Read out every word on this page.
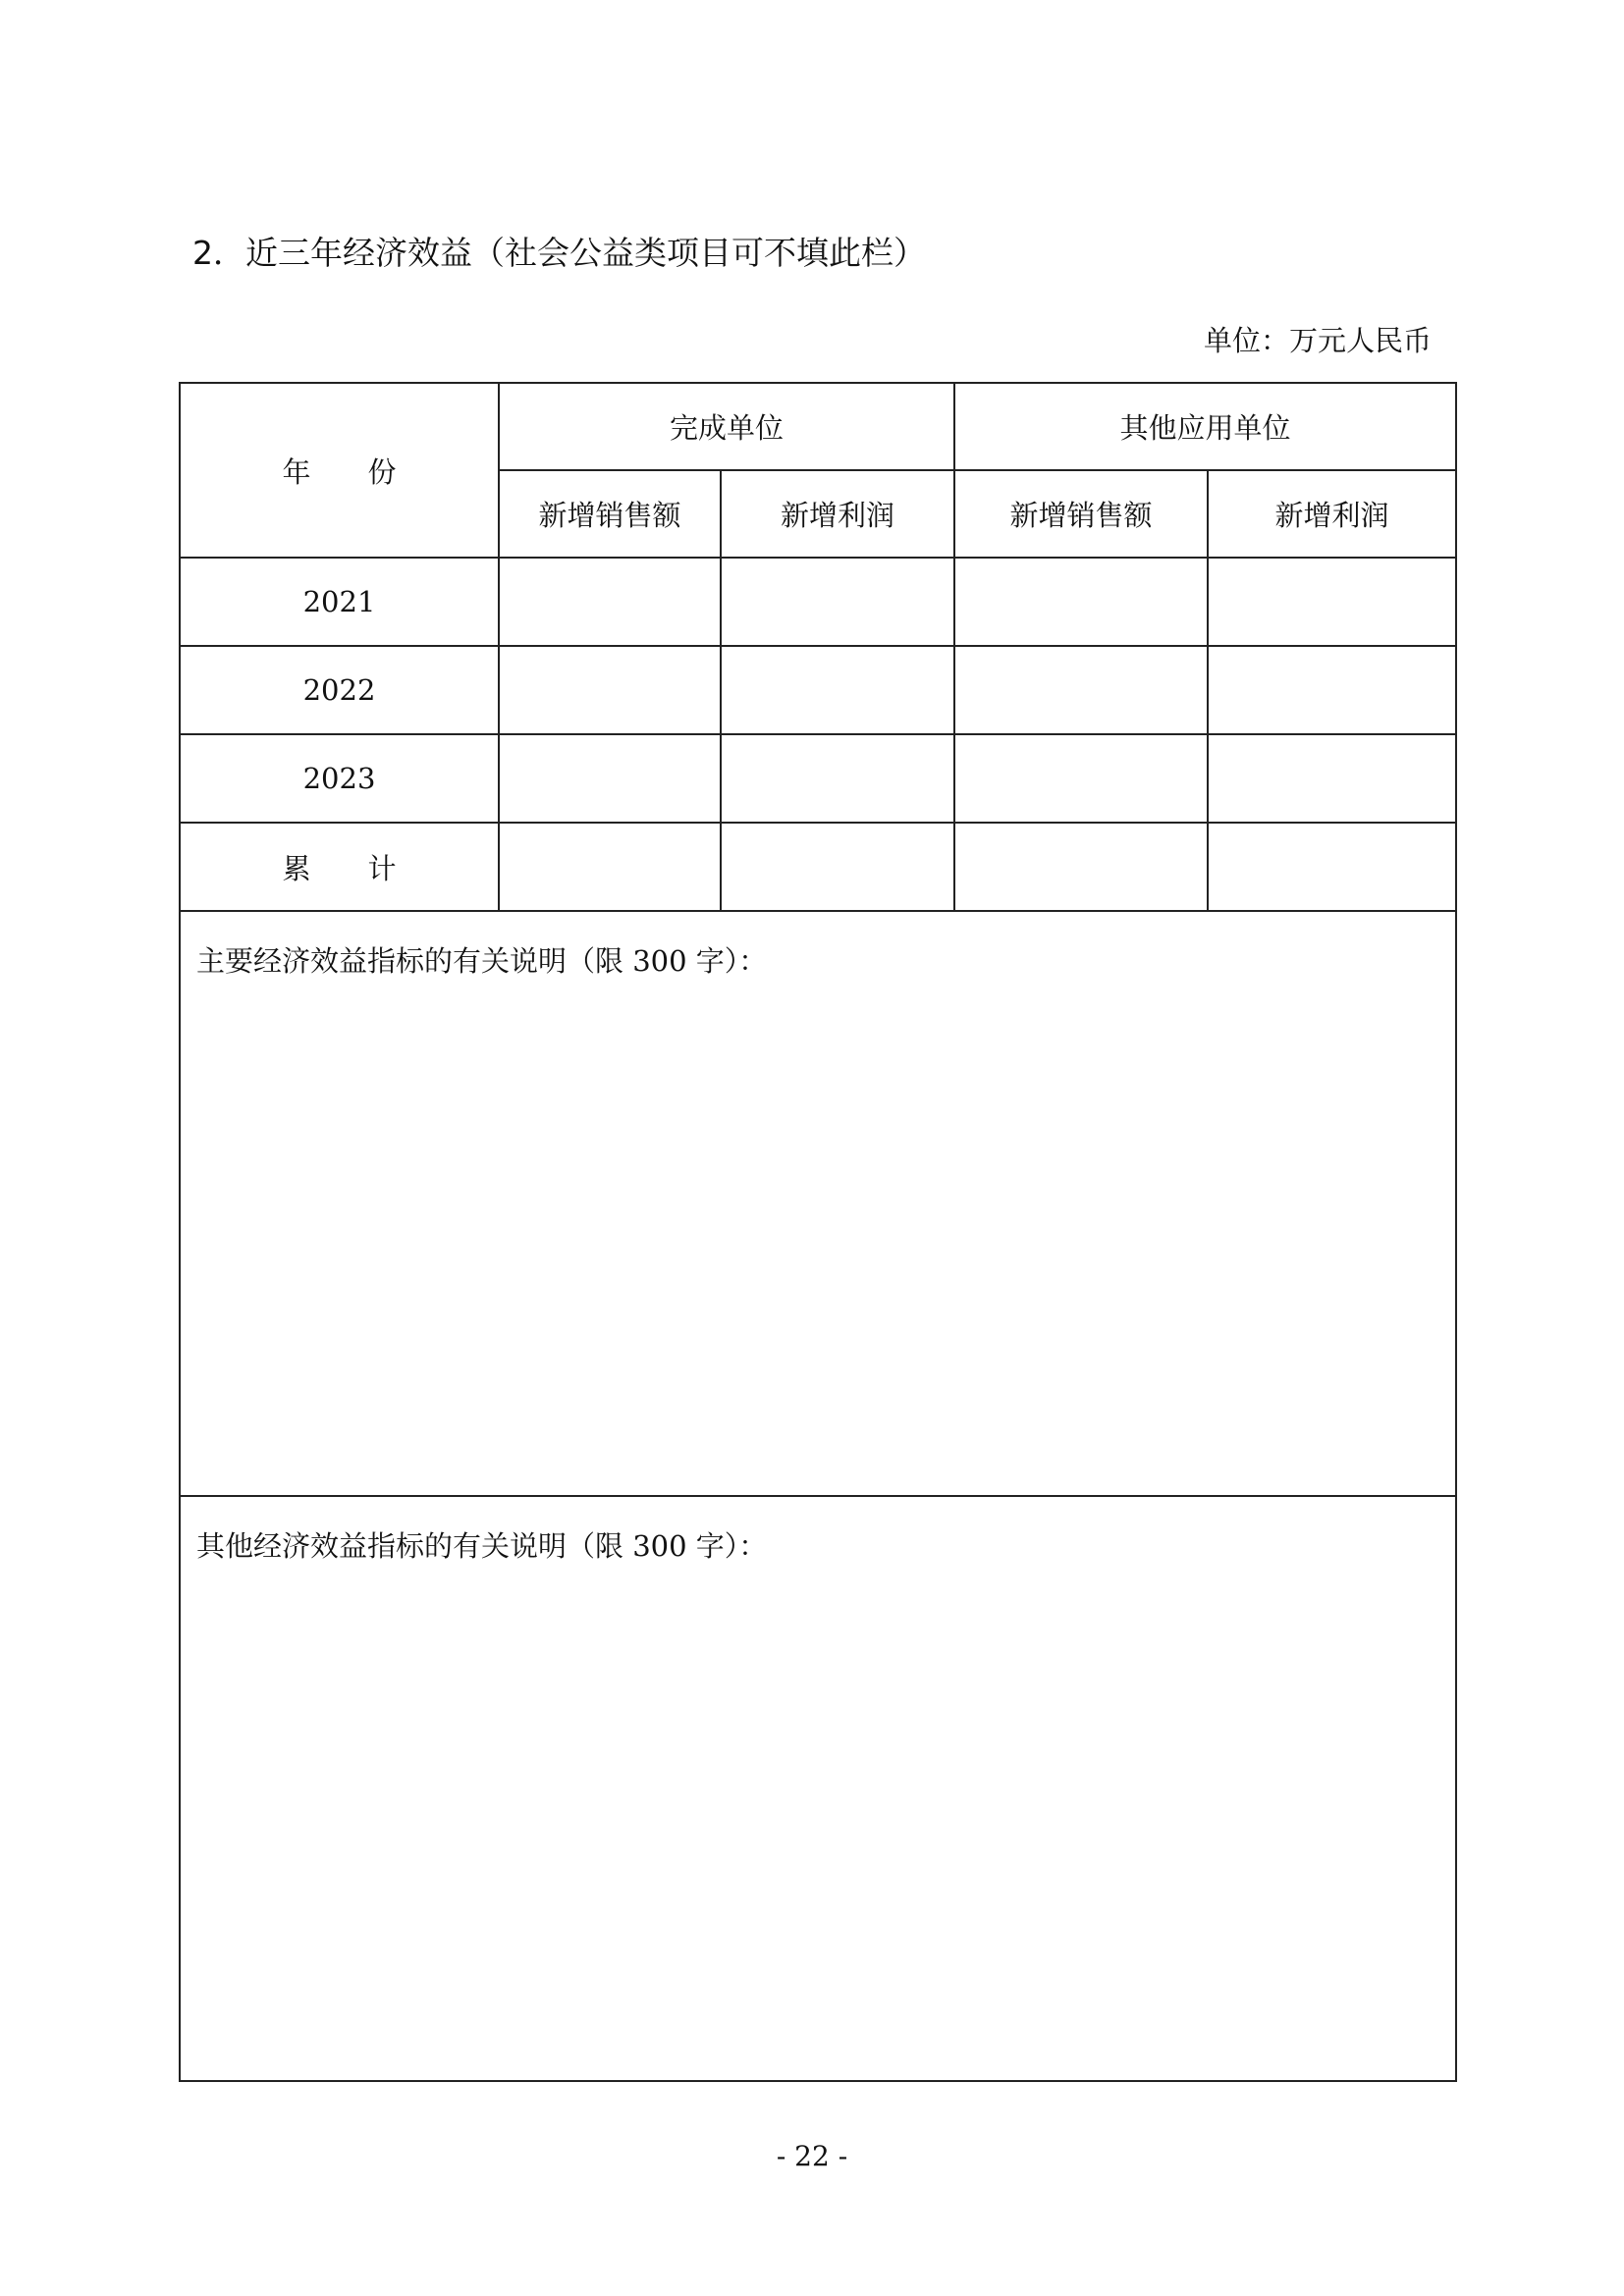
2．近三年经济效益（社会公益类项目可不填此栏）
单位：万元人民币
年 份	完成单位		其他应用单位	
	新增销售额	新增利润	新增销售额	新增利润
2021				
2022				
2023				
累 计				

主要经济效益指标的有关说明（限 300 字）：				

其他经济效益指标的有关说明（限 300 字）：				
- 22 -
